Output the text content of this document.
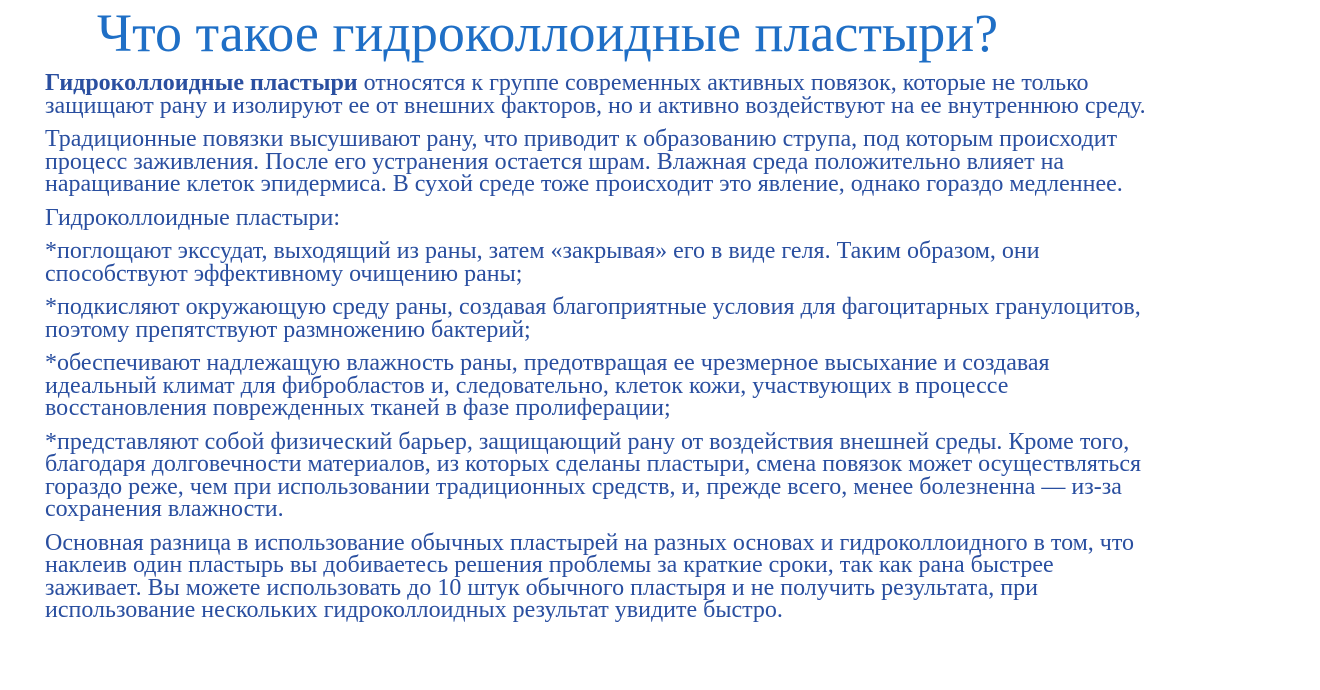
Что такое гидроколлоидные пластыри?

Гидроколлоидные пластыри относятся к группе современных активных повязок, которые не только
защищают рану и изолируют ее от внешних факторов, но и активно воздействуют на ее внутреннюю среду.

Традиционные повязки высушивают рану, что приводит к образованию струпа, под которым происходит
процесс заживления. После его устранения остается шрам. Влажная среда положительно влияет на
наращивание клеток эпидермиса. В сухой среде тоже происходит это явление, однако гораздо медленнее.

Гидроколлоидные пластыри:

*поглощают экссудат, выходящий из раны, затем «закрывая» его в виде геля. Таким образом, они
способствуют эффективному очищению раны;

*подкисляют окружающую среду раны, создавая благоприятные условия для фагоцитарных гранулоцитов,
поэтому препятствуют размножению бактерий;

*обеспечивают надлежащую влажность раны, предотвращая ее чрезмерное высыхание и создавая
идеальный климат для фибробластов и, следовательно, клеток кожи, участвующих в процессе
восстановления поврежденных тканей в фазе пролиферации;

*представляют собой физический барьер, защищающий рану от воздействия внешней среды. Кроме того,
благодаря долговечности материалов, из которых сделаны пластыри, смена повязок может осуществляться
гораздо реже, чем при использовании традиционных средств, и, прежде всего, менее болезненна — из-за
сохранения влажности.

Основная разница в использование обычных пластырей на разных основах и гидроколлоидного в том, что
наклеив один пластырь вы добиваетесь решения проблемы за краткие сроки, так как рана быстрее
заживает. Вы можете использовать до 10 штук обычного пластыря и не получить результата, при
использование нескольких гидроколлоидных результат увидите быстро.
